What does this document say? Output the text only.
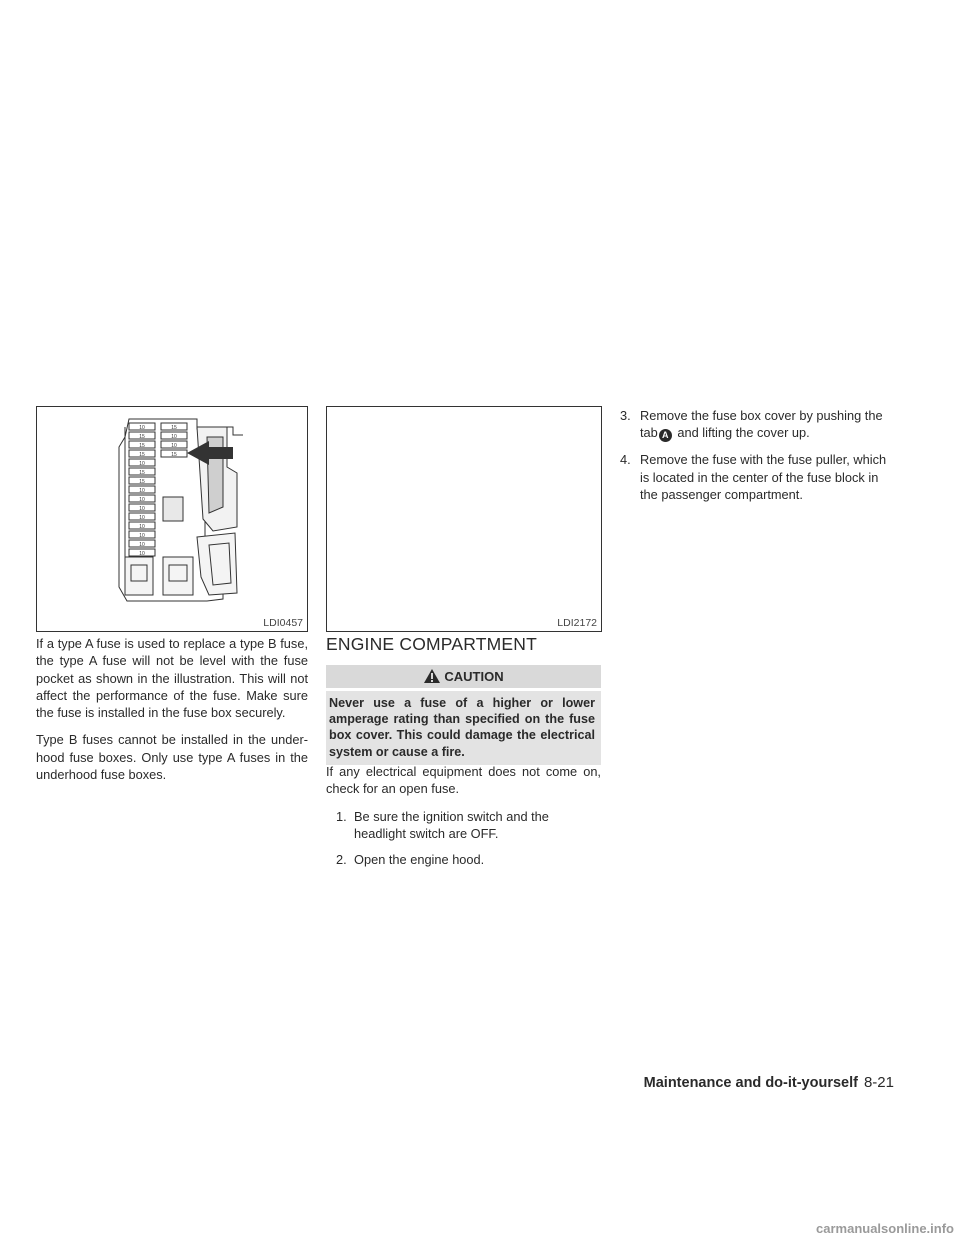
10
15
15
15
10
15
15
10
10
10
10
10
10
10
10
15
10
10
15
LDI0457	LDI2172

If a type A fuse is used to replace a type B fuse, the type A fuse will not be level with the fuse pocket as shown in the illustration. This will not affect the performance of the fuse. Make sure the fuse is installed in the fuse box securely.

Type B fuses cannot be installed in the under-hood fuse boxes. Only use type A fuses in the underhood fuse boxes.

ENGINE COMPARTMENT
CAUTION
Never use a fuse of a higher or lower amperage rating than specified on the fuse box cover. This could damage the electrical system or cause a fire.

If any electrical equipment does not come on, check for an open fuse.

1. Be sure the ignition switch and the headlight switch are OFF.
2. Open the engine hood.
3. Remove the fuse box cover by pushing the tab A and lifting the cover up.
4. Remove the fuse with the fuse puller, which is located in the center of the fuse block in the passenger compartment.
Maintenance and do-it-yourself 8-21
carmanualsonline.info
